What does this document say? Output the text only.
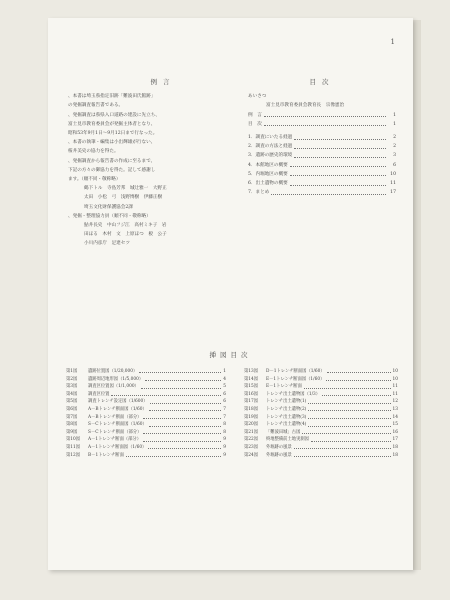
1
例言
、本書は埼玉県指定旧跡「難波田氏館跡」
の発掘調査報告書である。
、発掘調査は県県入口道路の建設に先立ち、
富士見市教育委員会が発掘主体者となり、
昭和53年9月1日～9月12日まで行なった。
、本書の執筆・編集は小出輝雄が行ない、
桜井美史の協力を得た。
、発掘調査から報告書の作成に至るまで、
下記の方々の御協力を得た。記して感謝し
ます。（順不同・敬称略）
鶴下トル　寺島芳邦　城辻雅一　大野正
太田　小松　弓　浅野博樹　伊藤正樹
埼玉文化財保護協会2課
、発掘・整理協力員（順不同・敬称略）
鮎井長史　中山フジ江　高村ミキ子　岩
田ほる　木村　文　上原ほつ　板　公子
小川内彦庁　足達セツ
目次
あいさつ
富士見市教育委員会教育長　宗像憲治
例　言	1
目　次	1
1．調査にいたる経過	2
2．調査の方法と経過	2
3．遺跡の歴史的環境	3
4．本館地区の概要	6
5．内堀地区の概要	10
6．出土遺物の概要	11
7．まとめ	17
挿図目次
第1図	遺跡位置図（1/20,000）	1
第2図	遺跡周辺地形図（1/5,000）	4
第3図	調査区位置図（1/1,000）	5
第4図	調査区位置	6
第5図	調査トレンチ設定図（1/600）	6
第6図	A－Bトレンチ断面図（1/60）	7
第7図	A－Bトレンチ断面（部分）	7
第8図	S－Cトレンチ断面図（1/60）	8
第9図	S－Cトレンチ断面（部分）	8
第10図	A－1トレンチ断面（部分）	9
第11図	A－1トレンチ断面図（1/60）	9
第12図	B－1トレンチ断面	9
第13図	D－1トレンチ断面図（1/60）	10
第14図	E－1トレンチ断面図（1/60）	10
第15図	E－1トレンチ断面	11
第16図	トレンチ出土遺物図（1/3）	11
第17図	トレンチ出土遺物(1)	12
第18図	トレンチ出土遺物(2)	13
第19図	トレンチ出土遺物(3)	14
第20図	トレンチ出土遺物(4)	15
第21図	「難波田城」古図	16
第22図	終地整備前土地実測図	17
第23図	外堀跡の風景	18
第24図	外堀跡の風景	18
